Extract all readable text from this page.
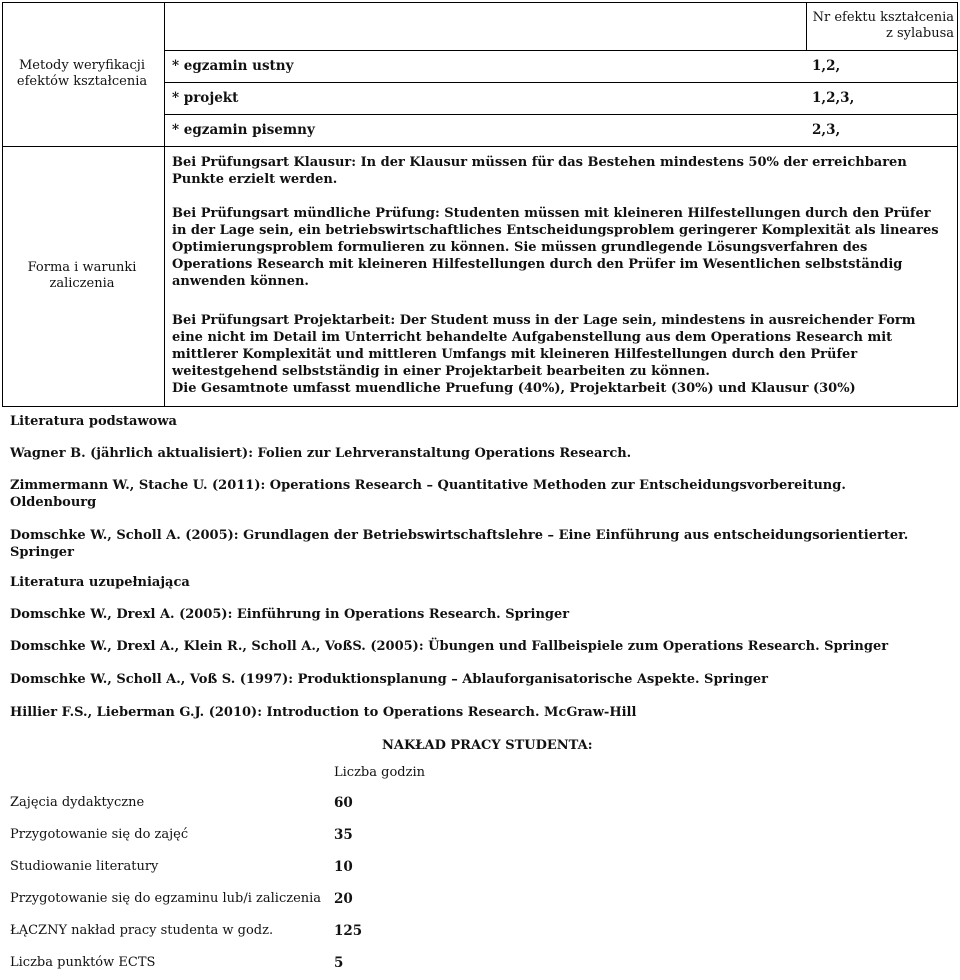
Metody weryfikacji efektów kształcenia
Nr efektu kształcenia z sylabusa
* egzamin ustny	1,2,
* projekt	1,2,3,
* egzamin pisemny	2,3,
Forma i warunki zaliczenia
Bei Prüfungsart Klausur: In der Klausur müssen für das Bestehen mindestens 50% der erreichbaren
Punkte erzielt werden.
Bei Prüfungsart mündliche Prüfung: Studenten müssen mit kleineren Hilfestellungen durch den Prüfer
in der Lage sein, ein betriebswirtschaftliches Entscheidungsproblem geringerer Komplexität als lineares
Optimierungsproblem formulieren zu können. Sie müssen grundlegende Lösungsverfahren des
Operations Research mit kleineren Hilfestellungen durch den Prüfer im Wesentlichen selbstständig
anwenden können.
Bei Prüfungsart Projektarbeit: Der Student muss in der Lage sein, mindestens in ausreichender Form
eine nicht im Detail im Unterricht behandelte Aufgabenstellung aus dem Operations Research mit
mittlerer Komplexität und mittleren Umfangs mit kleineren Hilfestellungen durch den Prüfer
weitestgehend selbstständig in einer Projektarbeit bearbeiten zu können.
Die Gesamtnote umfasst muendliche Pruefung (40%), Projektarbeit (30%) und Klausur (30%)
Literatura podstawowa
Wagner B. (jährlich aktualisiert): Folien zur Lehrveranstaltung Operations Research.
Zimmermann W., Stache U. (2011): Operations Research – Quantitative Methoden zur Entscheidungsvorbereitung.
Oldenbourg
Domschke W., Scholl A. (2005): Grundlagen der Betriebswirtschaftslehre – Eine Einführung aus entscheidungsorientierter.
Springer
Literatura uzupełniająca
Domschke W., Drexl A. (2005): Einführung in Operations Research. Springer
Domschke W., Drexl A., Klein R., Scholl A., VoßS. (2005): Übungen und Fallbeispiele zum Operations Research. Springer
Domschke W., Scholl A., Voß S. (1997): Produktionsplanung – Ablauforganisatorische Aspekte. Springer
Hillier F.S., Lieberman G.J. (2010): Introduction to Operations Research. McGraw-Hill
NAKŁAD PRACY STUDENTA:
Liczba godzin
Zajęcia dydaktyczne	60
Przygotowanie się do zajęć	35
Studiowanie literatury	10
Przygotowanie się do egzaminu lub/i zaliczenia 20
ŁĄCZNY nakład pracy studenta w godz.	125
Liczba punktów ECTS	5
